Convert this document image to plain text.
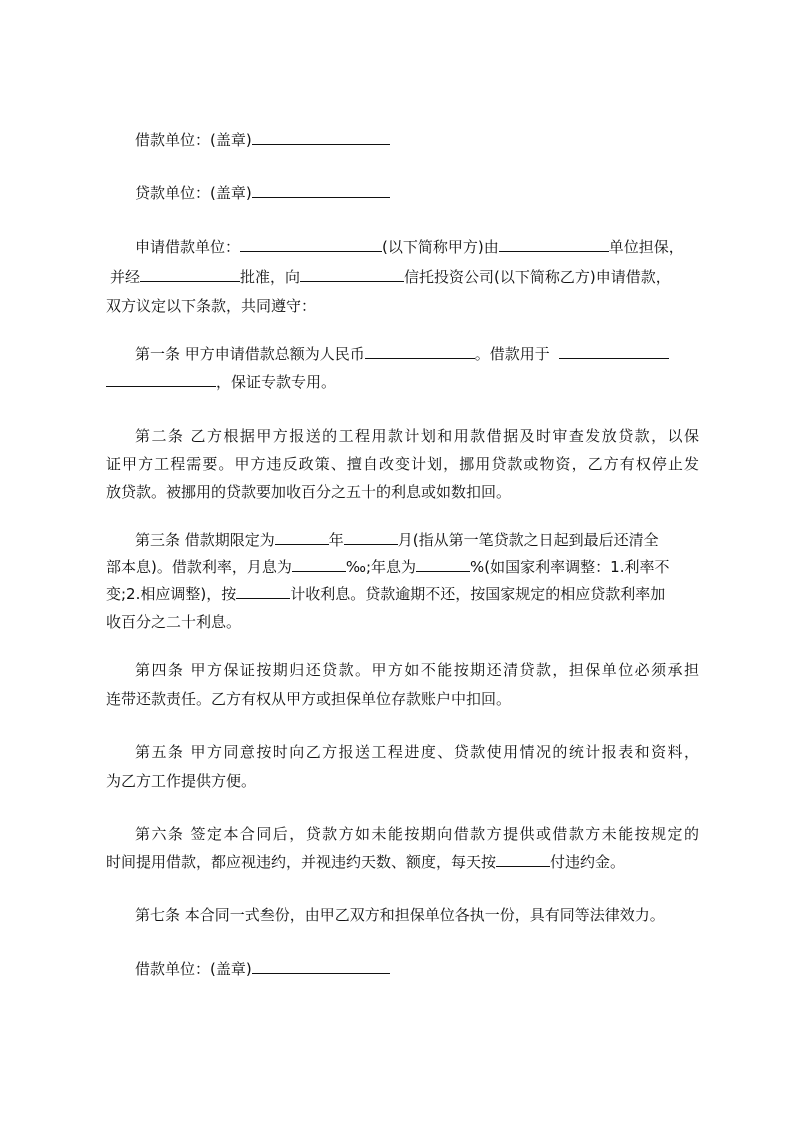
借款单位：(盖章)
贷款单位：(盖章)
申请借款单位：	(以下简称甲方)由	单位担保，
并经	批准，向	信托投资公司(以下简称乙方)申请借款，
双方议定以下条款，共同遵守：
第一条 甲方申请借款总额为人民币	。借款用于
，保证专款专用。
第二条 乙方根据甲方报送的工程用款计划和用款借据及时审查发放贷款，以保
证甲方工程需要。甲方违反政策、擅自改变计划，挪用贷款或物资，乙方有权停止发
放贷款。被挪用的贷款要加收百分之五十的利息或如数扣回。
第三条 借款期限定为	年	月(指从第一笔贷款之日起到最后还清全
部本息)。借款利率，月息为	‰;年息为	%(如国家利率调整：1.利率不
变;2.相应调整)，按	计收利息。贷款逾期不还，按国家规定的相应贷款利率加
收百分之二十利息。
第四条 甲方保证按期归还贷款。甲方如不能按期还清贷款，担保单位必须承担
连带还款责任。乙方有权从甲方或担保单位存款账户中扣回。
第五条 甲方同意按时向乙方报送工程进度、贷款使用情况的统计报表和资料，
为乙方工作提供方便。
第六条 签定本合同后，贷款方如未能按期向借款方提供或借款方未能按规定的
时间提用借款，都应视违约，并视违约天数、额度，每天按	付违约金。
第七条 本合同一式叁份，由甲乙双方和担保单位各执一份，具有同等法律效力。
借款单位：(盖章)
